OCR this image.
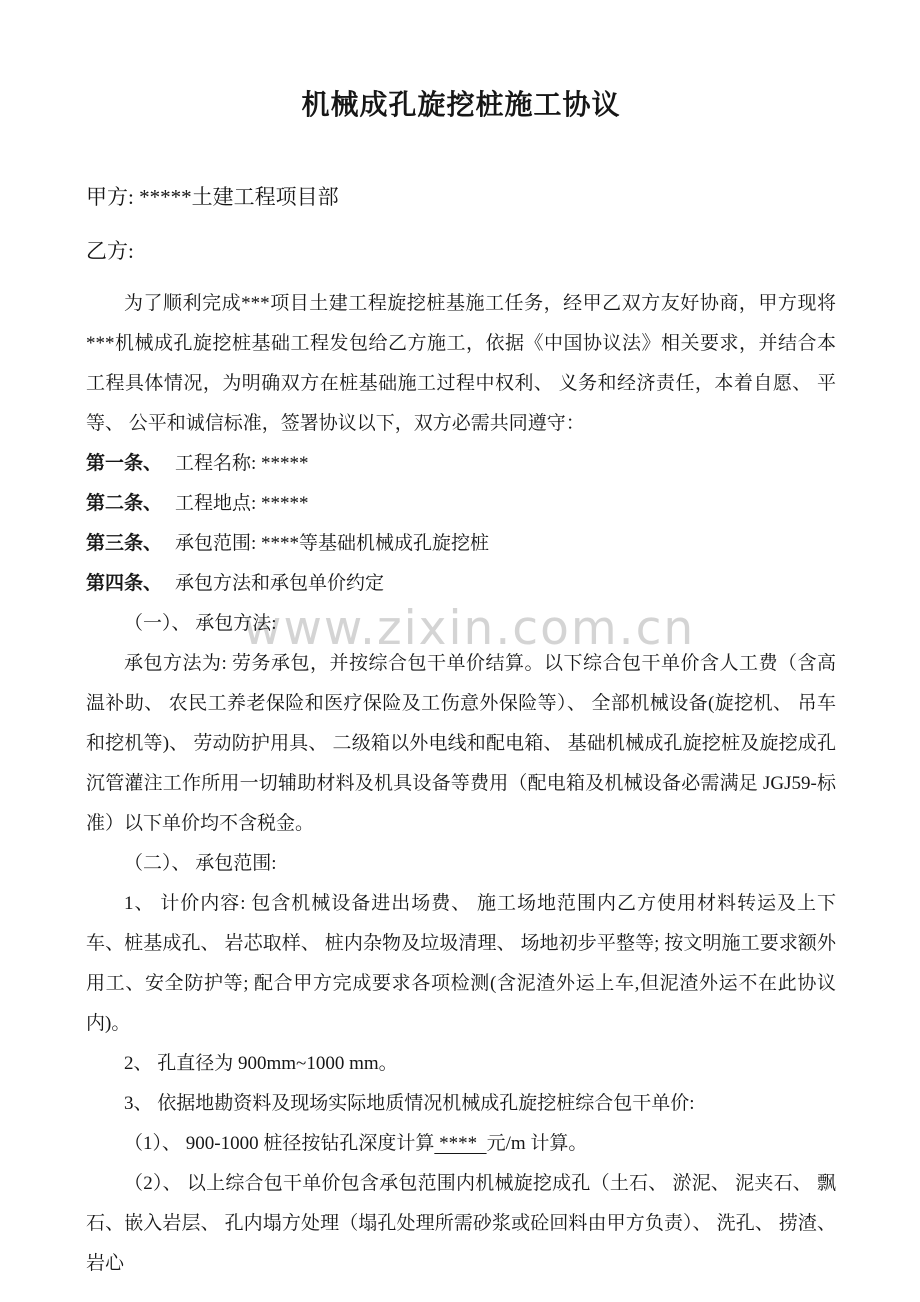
www.zixin.com.cn
机械成孔旋挖桩施工协议

甲方: *****土建工程项目部

乙方:

为了顺利完成***项目土建工程旋挖桩基施工任务，经甲乙双方友好协商，甲方现将***机械成孔旋挖桩基础工程发包给乙方施工，依据《中国协议法》相关要求，并结合本工程具体情况，为明确双方在桩基础施工过程中权利、 义务和经济责任，本着自愿、 平等、 公平和诚信标准，签署协议以下，双方必需共同遵守：

第一条、 工程名称: *****

第二条、 工程地点: *****

第三条、 承包范围: ****等基础机械成孔旋挖桩

第四条、 承包方法和承包单价约定

（一）、 承包方法:

承包方法为: 劳务承包，并按综合包干单价结算。以下综合包干单价含人工费（含高温补助、 农民工养老保险和医疗保险及工伤意外保险等）、 全部机械设备(旋挖机、 吊车和挖机等)、 劳动防护用具、 二级箱以外电线和配电箱、 基础机械成孔旋挖桩及旋挖成孔沉管灌注工作所用一切辅助材料及机具设备等费用（配电箱及机械设备必需满足 JGJ59-标准）以下单价均不含税金。

（二）、 承包范围:

1、 计价内容: 包含机械设备进出场费、 施工场地范围内乙方使用材料转运及上下车、桩基成孔、 岩芯取样、 桩内杂物及垃圾清理、 场地初步平整等; 按文明施工要求额外用工、安全防护等; 配合甲方完成要求各项检测(含泥渣外运上车,但泥渣外运不在此协议内)。

2、 孔直径为 900mm~1000 mm。

3、 依据地勘资料及现场实际地质情况机械成孔旋挖桩综合包干单价:

（1）、 900-1000 桩径按钻孔深度计算 ****  元/m 计算。

（2）、 以上综合包干单价包含承包范围内机械旋挖成孔（土石、 淤泥、 泥夹石、 飘石、嵌入岩层、 孔内塌方处理（塌孔处理所需砂浆或砼回料由甲方负责）、 洗孔、 捞渣、 岩心
